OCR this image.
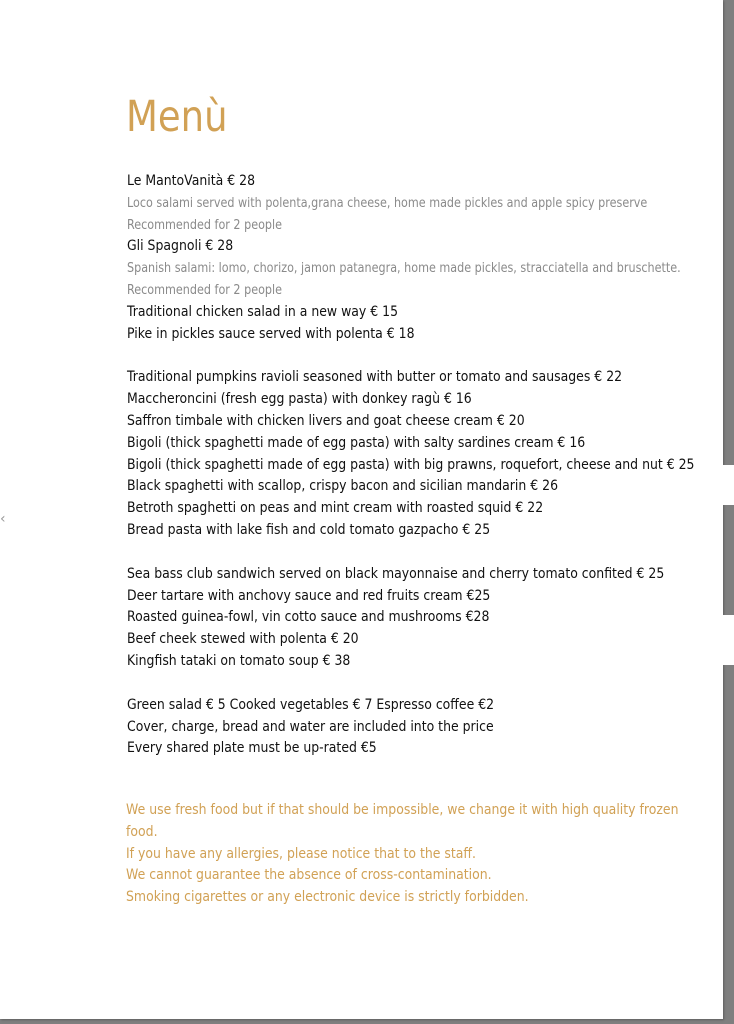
Menù
Le MantoVanità € 28
Loco salami served with polenta,grana cheese, home made pickles and apple spicy preserve
Recommended for 2 people
Gli Spagnoli € 28
Spanish salami: lomo, chorizo, jamon patanegra, home made pickles, stracciatella and bruschette.
Recommended for 2 people
Traditional chicken salad in a new way € 15
Pike in pickles sauce served with polenta € 18
Traditional pumpkins ravioli seasoned with butter or tomato and sausages € 22
Maccheroncini (fresh egg pasta) with donkey ragù € 16
Saffron timbale with chicken livers and goat cheese cream € 20
Bigoli (thick spaghetti made of egg pasta) with salty sardines cream € 16
Bigoli (thick spaghetti made of egg pasta) with big prawns, roquefort, cheese and nut € 25
Black spaghetti with scallop, crispy bacon and sicilian mandarin € 26
Betroth spaghetti on peas and mint cream with roasted squid € 22
Bread pasta with lake fish and cold tomato gazpacho € 25
Sea bass club sandwich served on black mayonnaise and cherry tomato confited € 25
Deer tartare with anchovy sauce and red fruits cream €25
Roasted guinea-fowl, vin cotto sauce and mushrooms €28
Beef cheek stewed with polenta € 20
Kingfish tataki on tomato soup € 38
Green salad € 5 Cooked vegetables € 7 Espresso coffee €2
Cover, charge, bread and water are included into the price
Every shared plate must be up-rated €5
We use fresh food but if that should be impossible, we change it with high quality frozen food.
If you have any allergies, please notice that to the staff.
We cannot guarantee the absence of cross-contamination.
Smoking cigarettes or any electronic device is strictly forbidden.
‹
